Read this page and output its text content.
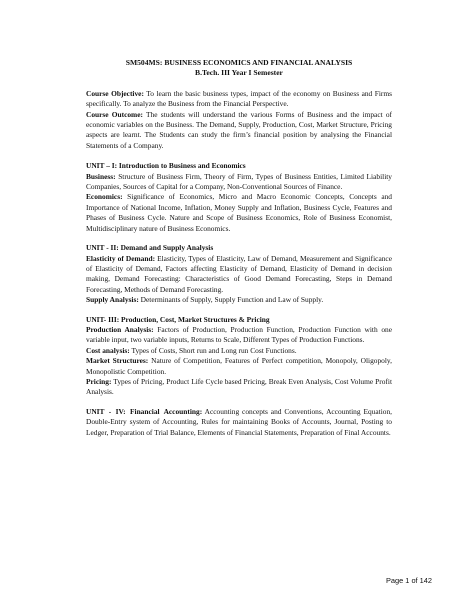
SM504MS: BUSINESS ECONOMICS AND FINANCIAL ANALYSIS

B.Tech. III Year I Semester

Course Objective: To learn the basic business types, impact of the economy on Business and Firms specifically. To analyze the Business from the Financial Perspective.

Course Outcome: The students will understand the various Forms of Business and the impact of economic variables on the Business. The Demand, Supply, Production, Cost, Market Structure, Pricing aspects are learnt. The Students can study the firm’s financial position by analysing the Financial Statements of a Company.

UNIT – I: Introduction to Business and Economics

Business: Structure of Business Firm, Theory of Firm, Types of Business Entities, Limited Liability Companies, Sources of Capital for a Company, Non-Conventional Sources of Finance.

Economics: Significance of Economics, Micro and Macro Economic Concepts, Concepts and Importance of National Income, Inflation, Money Supply and Inflation, Business Cycle, Features and Phases of Business Cycle. Nature and Scope of Business Economics, Role of Business Economist, Multidisciplinary nature of Business Economics.

UNIT - II: Demand and Supply Analysis

Elasticity of Demand: Elasticity, Types of Elasticity, Law of Demand, Measurement and Significance of Elasticity of Demand, Factors affecting Elasticity of Demand, Elasticity of Demand in decision making, Demand Forecasting: Characteristics of Good Demand Forecasting, Steps in Demand Forecasting, Methods of Demand Forecasting.

Supply Analysis: Determinants of Supply, Supply Function and Law of Supply.

UNIT- III: Production, Cost, Market Structures & Pricing

Production Analysis: Factors of Production, Production Function, Production Function with one variable input, two variable inputs, Returns to Scale, Different Types of Production Functions.

Cost analysis: Types of Costs, Short run and Long run Cost Functions.

Market Structures: Nature of Competition, Features of Perfect competition, Monopoly, Oligopoly, Monopolistic Competition.

Pricing: Types of Pricing, Product Life Cycle based Pricing, Break Even Analysis, Cost Volume Profit Analysis.

UNIT - IV: Financial Accounting: Accounting concepts and Conventions, Accounting Equation, Double-Entry system of Accounting, Rules for maintaining Books of Accounts, Journal, Posting to Ledger, Preparation of Trial Balance, Elements of Financial Statements, Preparation of Final Accounts.

Page 1 of 142
